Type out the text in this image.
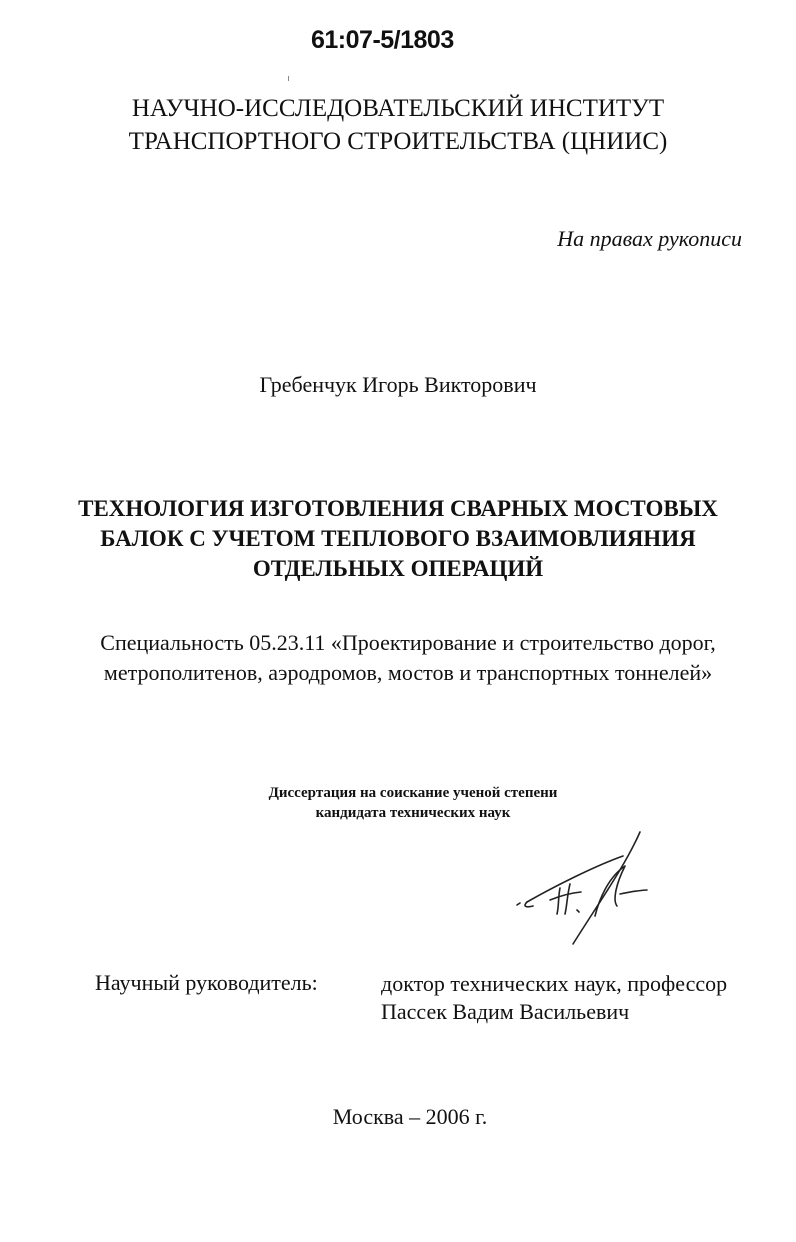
61:07-5/1803
НАУЧНО-ИССЛЕДОВАТЕЛЬСКИЙ ИНСТИТУТ
ТРАНСПОРТНОГО СТРОИТЕЛЬСТВА (ЦНИИС)
На правах рукописи
Гребенчук Игорь Викторович
ТЕХНОЛОГИЯ ИЗГОТОВЛЕНИЯ СВАРНЫХ МОСТОВЫХ
БАЛОК С УЧЕТОМ ТЕПЛОВОГО ВЗАИМОВЛИЯНИЯ
ОТДЕЛЬНЫХ ОПЕРАЦИЙ
Специальность 05.23.11 «Проектирование и строительство дорог,
метрополитенов, аэродромов, мостов и транспортных тоннелей»
Диссертация на соискание ученой степени
кандидата технических наук
Научный руководитель:	доктор технических наук, профессор
Пассек Вадим Васильевич
Москва – 2006 г.
